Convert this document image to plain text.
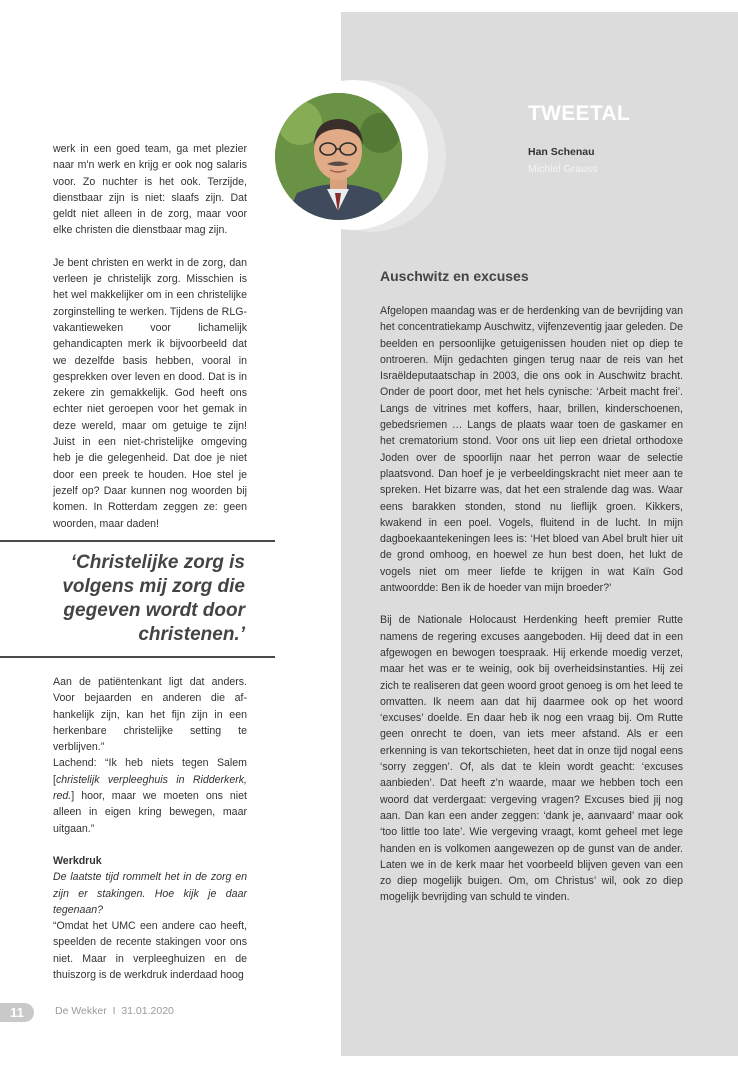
TWEETAL
Han Schenau
Michiel Grauss

werk in een goed team, ga met plezier naar m'n werk en krijg er ook nog salaris voor. Zo nuchter is het ook. Terzijde, dienstbaar zijn is niet: slaafs zijn. Dat geldt niet alleen in de zorg, maar voor elke christen die dienstbaar mag zijn.

Je bent christen en werkt in de zorg, dan verleen je christelijk zorg. Misschien is het wel makkelijker om in een christelijke zorginstelling te werken. Tijdens de RLG-vakantieweken voor lichamelijk gehandicapten merk ik bijvoorbeeld dat we dezelfde basis hebben, vooral in gesprekken over leven en dood. Dat is in zekere zin gemakkelijk. God heeft ons echter niet geroepen voor het gemak in deze wereld, maar om getuige te zijn! Juist in een niet-christelijke omgeving heb je die gelegenheid. Dat doe je niet door een preek te houden. Hoe stel je jezelf op? Daar kunnen nog woorden bij komen. In Rotterdam zeggen ze: geen woorden, maar daden!

‘Christelijke zorg is volgens mij zorg die gegeven wordt door christenen.’
Aan de patiëntenkant ligt dat anders. Voor bejaarden en anderen die afhankelijk zijn, kan het fijn zijn in een herkenbare christelijke setting te verblijven.”

Lachend: “Ik heb niets tegen Salem [christelijk verpleeghuis in Ridderkerk, red.] hoor, maar we moeten ons niet alleen in eigen kring bewegen, maar uitgaan.”

Werkdruk
De laatste tijd rommelt het in de zorg en zijn er stakingen. Hoe kijk je daar tegenaan?
“Omdat het UMC een andere cao heeft, speelden de recente stakingen voor ons niet. Maar in verpleeghuizen en de thuiszorg is de werkdruk inderdaad hoog
Auschwitz en excuses

Afgelopen maandag was er de herdenking van de bevrijding van het concentratiekamp Auschwitz, vijfenzeventig jaar geleden. De beelden en persoonlijke getuigenissen houden niet op diep te ontroeren. Mijn gedachten gingen terug naar de reis van het Israëldeputaatschap in 2003, die ons ook in Auschwitz bracht. Onder de poort door, met het hels cynische: ‘Arbeit macht frei’. Langs de vitrines met koffers, haar, brillen, kinderschoenen, gebedsriemen … Langs de plaats waar toen de gaskamer en het crematorium stond. Voor ons uit liep een drietal orthodoxe Joden over de spoorlijn naar het perron waar de selectie plaatsvond. Dan hoef je je verbeeldingskracht niet meer aan te spreken. Het bizarre was, dat het een stralende dag was. Waar eens barakken stonden, stond nu lieflijk groen. Kikkers, kwakend in een poel. Vogels, fluitend in de lucht. In mijn dagboekaantekeningen lees is: ‘Het bloed van Abel brult hier uit de grond omhoog, en hoewel ze hun best doen, het lukt de vogels niet om meer liefde te krijgen in wat Kaïn God antwoordde: Ben ik de hoeder van mijn broeder?’

Bij de Nationale Holocaust Herdenking heeft premier Rutte namens de regering excuses aangeboden. Hij deed dat in een afgewogen en bewogen toespraak. Hij erkende moedig verzet, maar het was er te weinig, ook bij overheidsinstanties. Hij zei zich te realiseren dat geen woord groot genoeg is om het leed te omvatten. Ik neem aan dat hij daarmee ook op het woord ‘excuses’ doelde. En daar heb ik nog een vraag bij. Om Rutte geen onrecht te doen, van iets meer afstand. Als er een erkenning is van tekortschieten, heet dat in onze tijd nogal eens ‘sorry zeggen’. Of, als dat te klein wordt geacht: ‘excuses aanbieden’. Dat heeft z’n waarde, maar we hebben toch een woord dat verdergaat: vergeving vragen? Excuses bied jij nog aan. Dan kan een ander zeggen: ‘dank je, aanvaard’ maar ook ‘too little too late’. Wie vergeving vraagt, komt geheel met lege handen en is volkomen aangewezen op de gunst van de ander. Laten we in de kerk maar het voorbeeld blijven geven van een zo diep mogelijk buigen. Om, om Christus’ wil, ook zo diep mogelijk bevrijding van schuld te vinden.

11	De Wekker  I  31.01.2020
